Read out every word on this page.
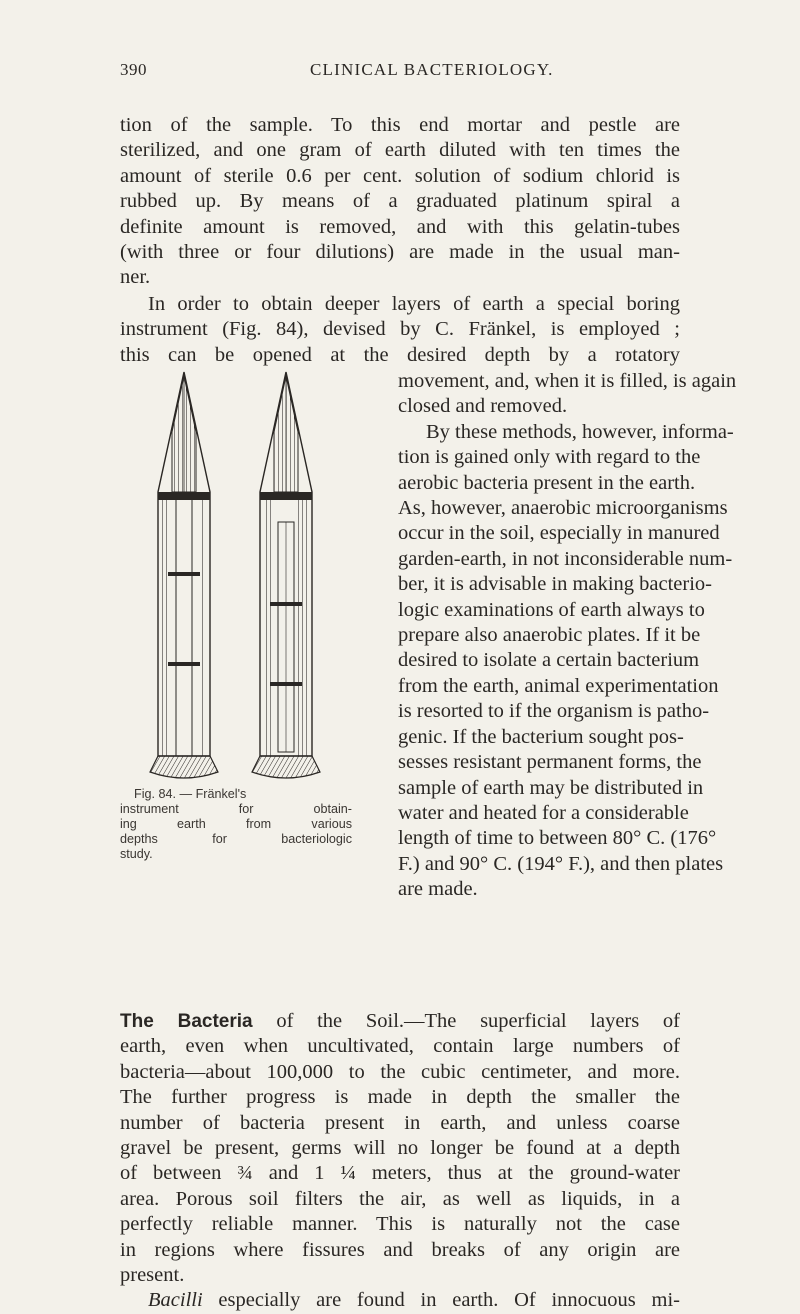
390	CLINICAL BACTERIOLOGY.
tion of the sample. To this end mortar and pestle are
sterilized, and one gram of earth diluted with ten times the
amount of sterile 0.6 per cent. solution of sodium chlorid is
rubbed up. By means of a graduated platinum spiral a
definite amount is removed, and with this gelatin-tubes
(with three or four dilutions) are made in the usual man-
ner.
In order to obtain deeper layers of earth a special boring
instrument (Fig. 84), devised by C. Fränkel, is employed ;
this can be opened at the desired depth by a rotatory
movement, and, when it is filled, is again
closed and removed.
By these methods, however, informa-
tion is gained only with regard to the
aerobic bacteria present in the earth.
As, however, anaerobic microorganisms
occur in the soil, especially in manured
garden-earth, in not inconsiderable num-
ber, it is advisable in making bacterio-
logic examinations of earth always to
prepare also anaerobic plates. If it be
desired to isolate a certain bacterium
from the earth, animal experimentation
is resorted to if the organism is patho-
genic. If the bacterium sought pos-
sesses resistant permanent forms, the
sample of earth may be distributed in
water and heated for a considerable
length of time to between 80° C. (176°
F.) and 90° C. (194° F.), and then plates
are made.
Fig. 84. — Fränkel's
instrument for obtain-
ing earth from various
depths for bacteriologic
study.
The Bacteria of the Soil.—The superficial layers of
earth, even when uncultivated, contain large numbers of
bacteria—about 100,000 to the cubic centimeter, and more.
The further progress is made in depth the smaller the
number of bacteria present in earth, and unless coarse
gravel be present, germs will no longer be found at a depth
of between ¾ and 1 ¼ meters, thus at the ground-water
area. Porous soil filters the air, as well as liquids, in a
perfectly reliable manner. This is naturally not the case
in regions where fissures and breaks of any origin are
present.
Bacilli especially are found in earth. Of innocuous mi-
